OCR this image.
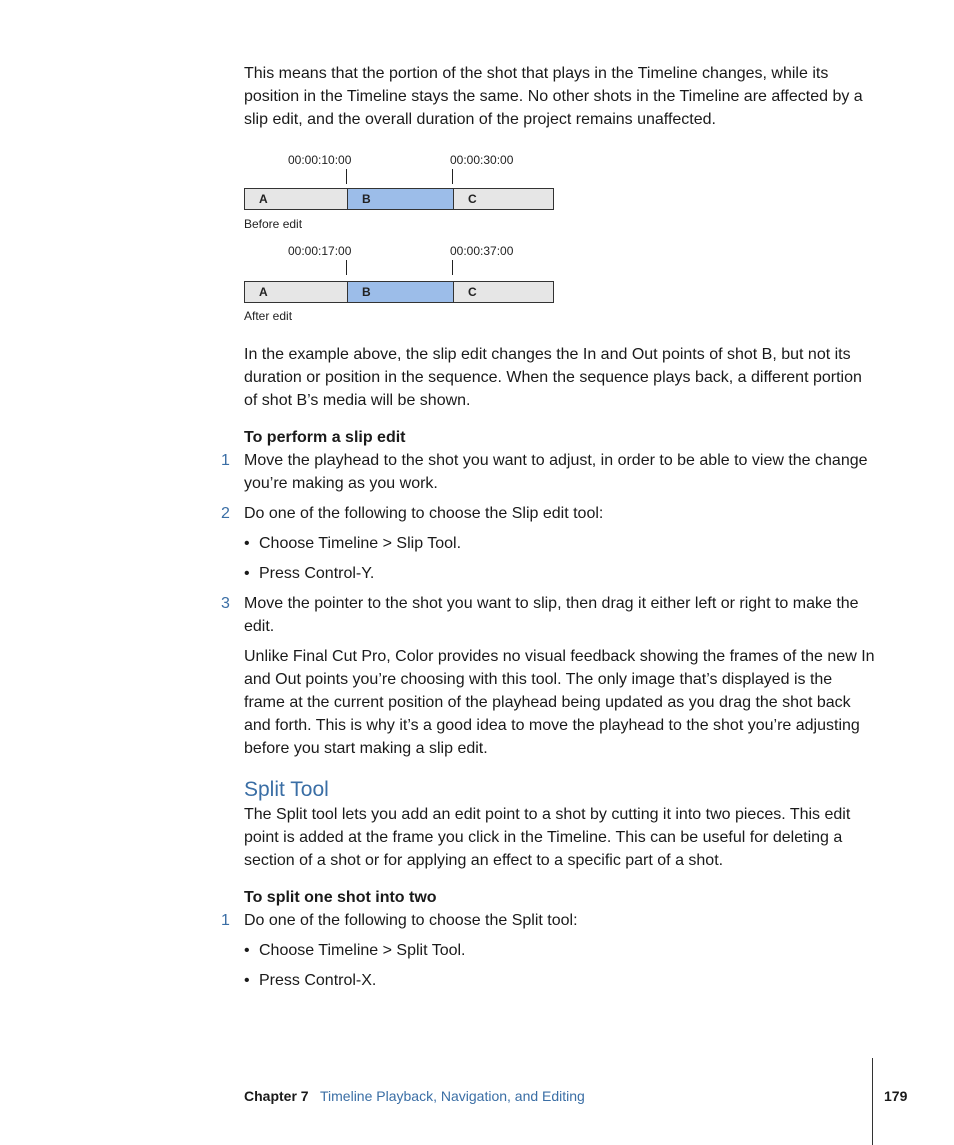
This means that the portion of the shot that plays in the Timeline changes, while its position in the Timeline stays the same. No other shots in the Timeline are affected by a slip edit, and the overall duration of the project remains unaffected.

00:00:10:00	00:00:30:00
A	B	C
Before edit
00:00:17:00	00:00:37:00
A	B	C
After edit

In the example above, the slip edit changes the In and Out points of shot B, but not its duration or position in the sequence. When the sequence plays back, a different portion of shot B’s media will be shown.

To perform a slip edit

1 Move the playhead to the shot you want to adjust, in order to be able to view the change you’re making as you work.

2 Do one of the following to choose the Slip edit tool:

• Choose Timeline > Slip Tool.
• Press Control-Y.
3 Move the pointer to the shot you want to slip, then drag it either left or right to make the edit.

Unlike Final Cut Pro, Color provides no visual feedback showing the frames of the new In and Out points you’re choosing with this tool. The only image that’s displayed is the frame at the current position of the playhead being updated as you drag the shot back and forth. This is why it’s a good idea to move the playhead to the shot you’re adjusting before you start making a slip edit.

Split Tool

The Split tool lets you add an edit point to a shot by cutting it into two pieces. This edit point is added at the frame you click in the Timeline. This can be useful for deleting a section of a shot or for applying an effect to a specific part of a shot.

To split one shot into two

1 Do one of the following to choose the Split tool:

• Choose Timeline > Split Tool.
• Press Control-X.
Chapter 7 Timeline Playback, Navigation, and Editing	179
